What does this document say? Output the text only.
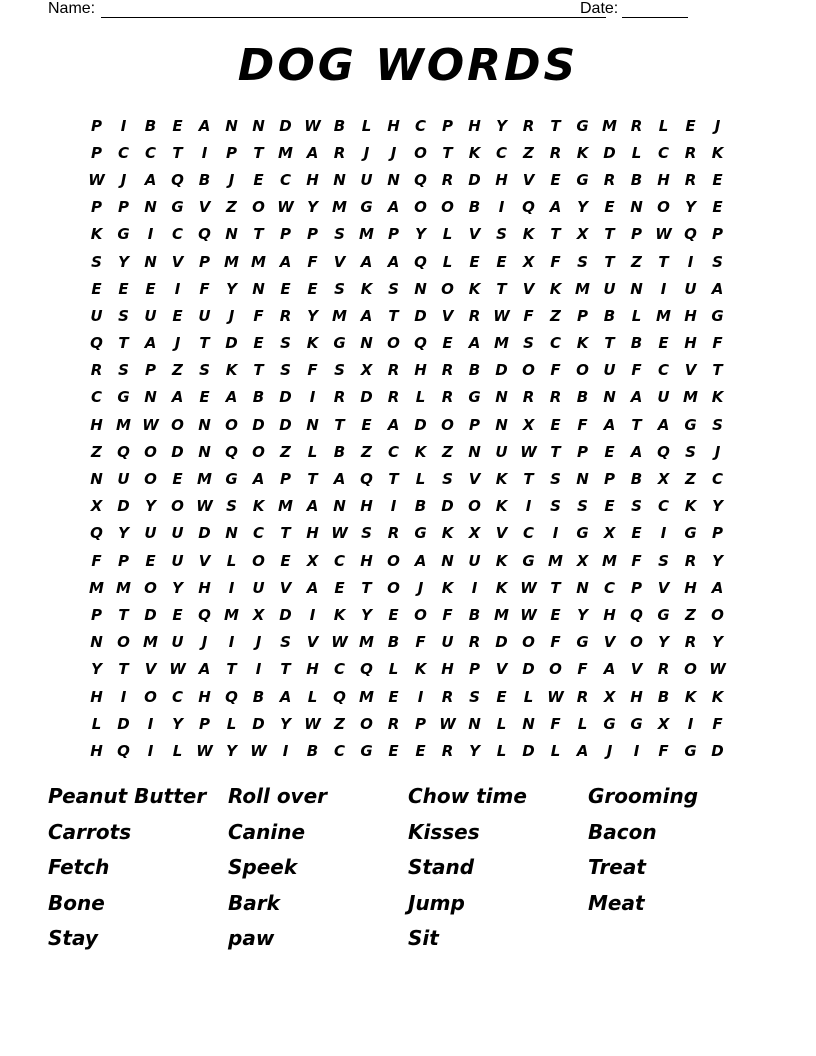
Name:	Date:
DOG WORDS
P	I	B	E	A N N D W B	L	H	C	P	H	Y	R	T	G M R	L	E	J
P	C	C	T	I	P	T M A	R	J	J	O	T	K	C	Z	R	K D	L	C	R	K
W	J	A Q B	J	E	C	H N U N Q R D H V	E	G	R	B	H R	E
P	P	N G	V	Z	O W Y M G	A O O B	I	Q A	Y	E	N O	Y	E
K	G	I	C	Q N	T	P	P	S M P	Y	L	V	S	K	T	X	T	P W Q	P
S	Y	N V	P M M A	F	V	A	A Q	L	E	E	X	F	S	T	Z	T	I	S
E	E	E	I	F	Y	N	E	E	S	K	S	N O K	T	V	K M U N	I	U	A
U	S	U	E	U	J	F	R	Y M A	T	D V	R W F	Z	P	B	L M H G
Q	T	A	J	T	D	E	S	K	G N O Q	E	A M S	C	K	T	B	E	H	F
R	S	P	Z	S	K	T	S	F	S	X	R H R	B	D O	F	O U	F	C	V	T
C	G N A	E	A	B	D	I	R D	R	L	R	G N R	R	B	N A	U M K
H M W O N O D D N	T	E	A D O	P	N X	E	F	A	T	A	G	S
Z	Q O D N Q O	Z	L	B	Z	C	K	Z	N U W T	P	E	A Q	S	J
N U O	E M G	A	P	T	A Q	T	L	S	V	K	T	S	N	P	B	X	Z	C
X D	Y	O W S	K M A N H	I	B	D O K	I	S	S	E	S	C	K	Y
Q	Y	U U D N	C	T	H W S	R	G	K	X	V	C	I	G	X	E	I	G	P
F	P	E	U	V	L	O	E	X	C	H O A N U	K	G M X M F	S	R	Y
M M O	Y	H	I	U	V	A	E	T	O	J	K	I	K W T	N	C	P	V H A
P	T	D	E	Q M X D	I	K	Y	E	O	F	B M W E	Y	H Q G	Z	O
N O M U	J	I	J	S	V W M B	F	U	R D O	F	G	V O	Y	R	Y
Y	T	V W A	T	I	T	H	C	Q	L	K H	P	V D O	F	A	V	R O W
H	I	O	C	H Q B	A	L	Q M E	I	R	S	E	L W R	X H	B	K	K
L	D	I	Y	P	L	D	Y W Z	O R	P W N	L	N	F	L	G G	X	I	F
H Q	I	L W Y W	I	B	C	G	E	E	R	Y	L	D	L	A	J	I	F	G D
Peanut Butter	Roll over	Chow time	Grooming
Carrots	Canine	Kisses	Bacon
Fetch	Speek	Stand	Treat
Bone	Bark	Jump	Meat
Stay	paw	Sit
